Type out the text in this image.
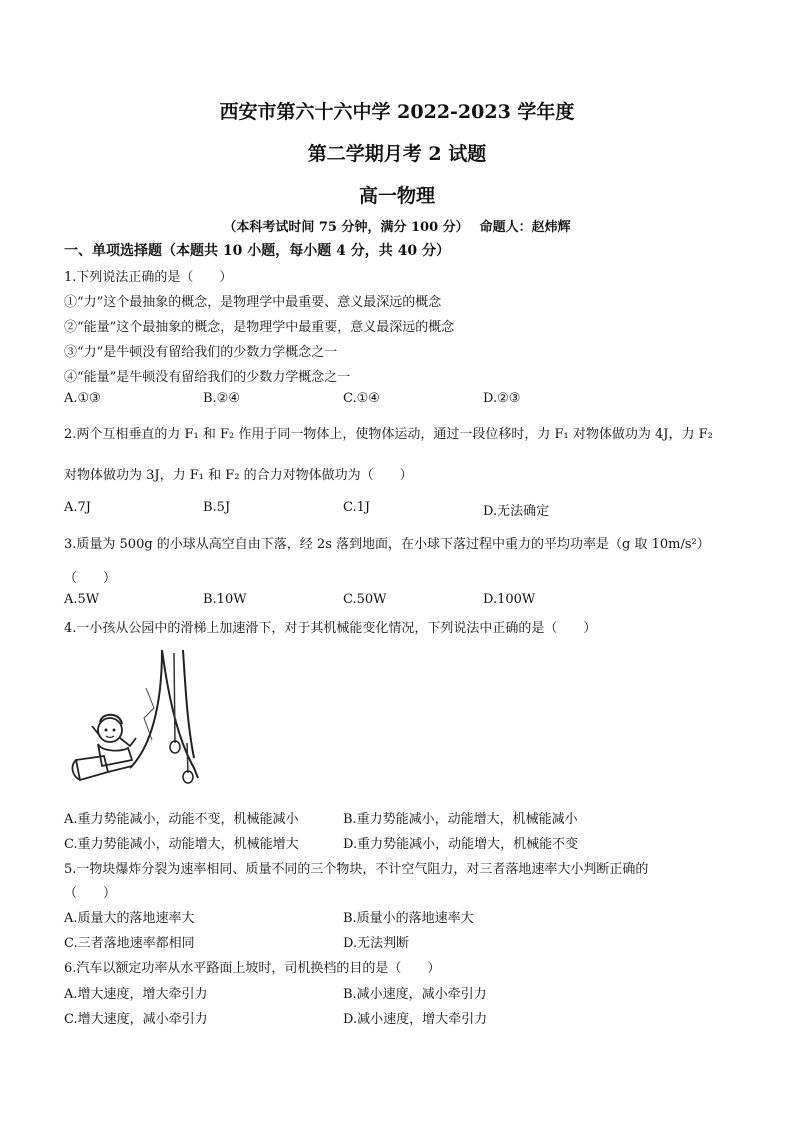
西安市第六十六中学 2022-2023 学年度
第二学期月考 2 试题
高一物理
（本科考试时间 75 分钟，满分 100 分）　 命题人：赵炜辉
一、单项选择题（本题共 10 小题，每小题 4 分，共 40 分）
1.下列说法正确的是（　　）
①“力”这个最抽象的概念，是物理学中最重要、意义最深远的概念
②“能量”这个最抽象的概念，是物理学中最重要，意义最深远的概念
③“力”是牛顿没有留给我们的少数力学概念之一
④“能量”是牛顿没有留给我们的少数力学概念之一
A.①③	B.②④	C.①④	D.②③
2.两个互相垂直的力 F₁ 和 F₂ 作用于同一物体上，使物体运动，通过一段位移时，力 F₁ 对物体做功为 4J，力 F₂
对物体做功为 3J，力 F₁ 和 F₂ 的合力对物体做功为（　　）
A.7J	B.5J	C.1J	D.无法确定
3.质量为 500g 的小球从高空自由下落，经 2s 落到地面，在小球下落过程中重力的平均功率是（g 取 10m/s²）
（　　）
A.5W	B.10W	C.50W	D.100W
4.一小孩从公园中的滑梯上加速滑下，对于其机械能变化情况，下列说法中正确的是（　　）
A.重力势能减小，动能不变，机械能减小	B.重力势能减小，动能增大，机械能减小
C.重力势能减小，动能增大，机械能增大	D.重力势能减小，动能增大，机械能不变
5.一物块爆炸分裂为速率相同、质量不同的三个物块，不计空气阻力，对三者落地速率大小判断正确的
（　　）
A.质量大的落地速率大	B.质量小的落地速率大
C.三者落地速率都相同	D.无法判断
6.汽车以额定功率从水平路面上坡时，司机换档的目的是（　　）
A.增大速度，增大牵引力	B.减小速度，减小牵引力
C.增大速度，减小牵引力	D.减小速度，增大牵引力
